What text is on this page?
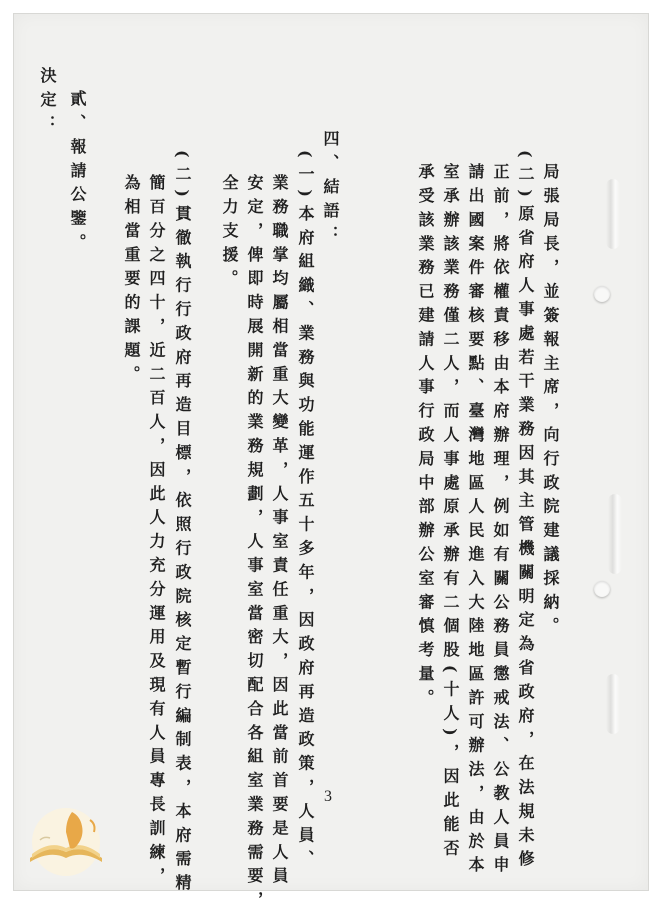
決定： 貳、報請公鑒。	四、結語：
(一)本府組織、業務與功能運作五十多年，因政府再造政策，人員、
業務職掌均屬相當重大變革，人事室責任重大，因此當前首要是人員
安定，俾即時展開新的業務規劃，人事室當密切配合各組室業務需要，
全力支援。
(二)貫徹執行行政府再造目標，依照行政院核定暫行編制表，本府需精
簡百分之四十，近二百人，因此人力充分運用及現有人員專長訓練，
為相當重要的課題。	局張局長，並簽報主席，向行政院建議採納。
(二)原省府人事處若干業務因其主管機關明定為省政府，在法規未修
正前，將依權責移由本府辦理，例如有關公務員懲戒法、公教人員申
請出國案件審核要點、臺灣地區人民進入大陸地區許可辦法，由於本
室承辦該業務僅二人，而人事處原承辦有二個股(十人)，因此能否
承受該業務已建請人事行政局中部辦公室審慎考量。
3
